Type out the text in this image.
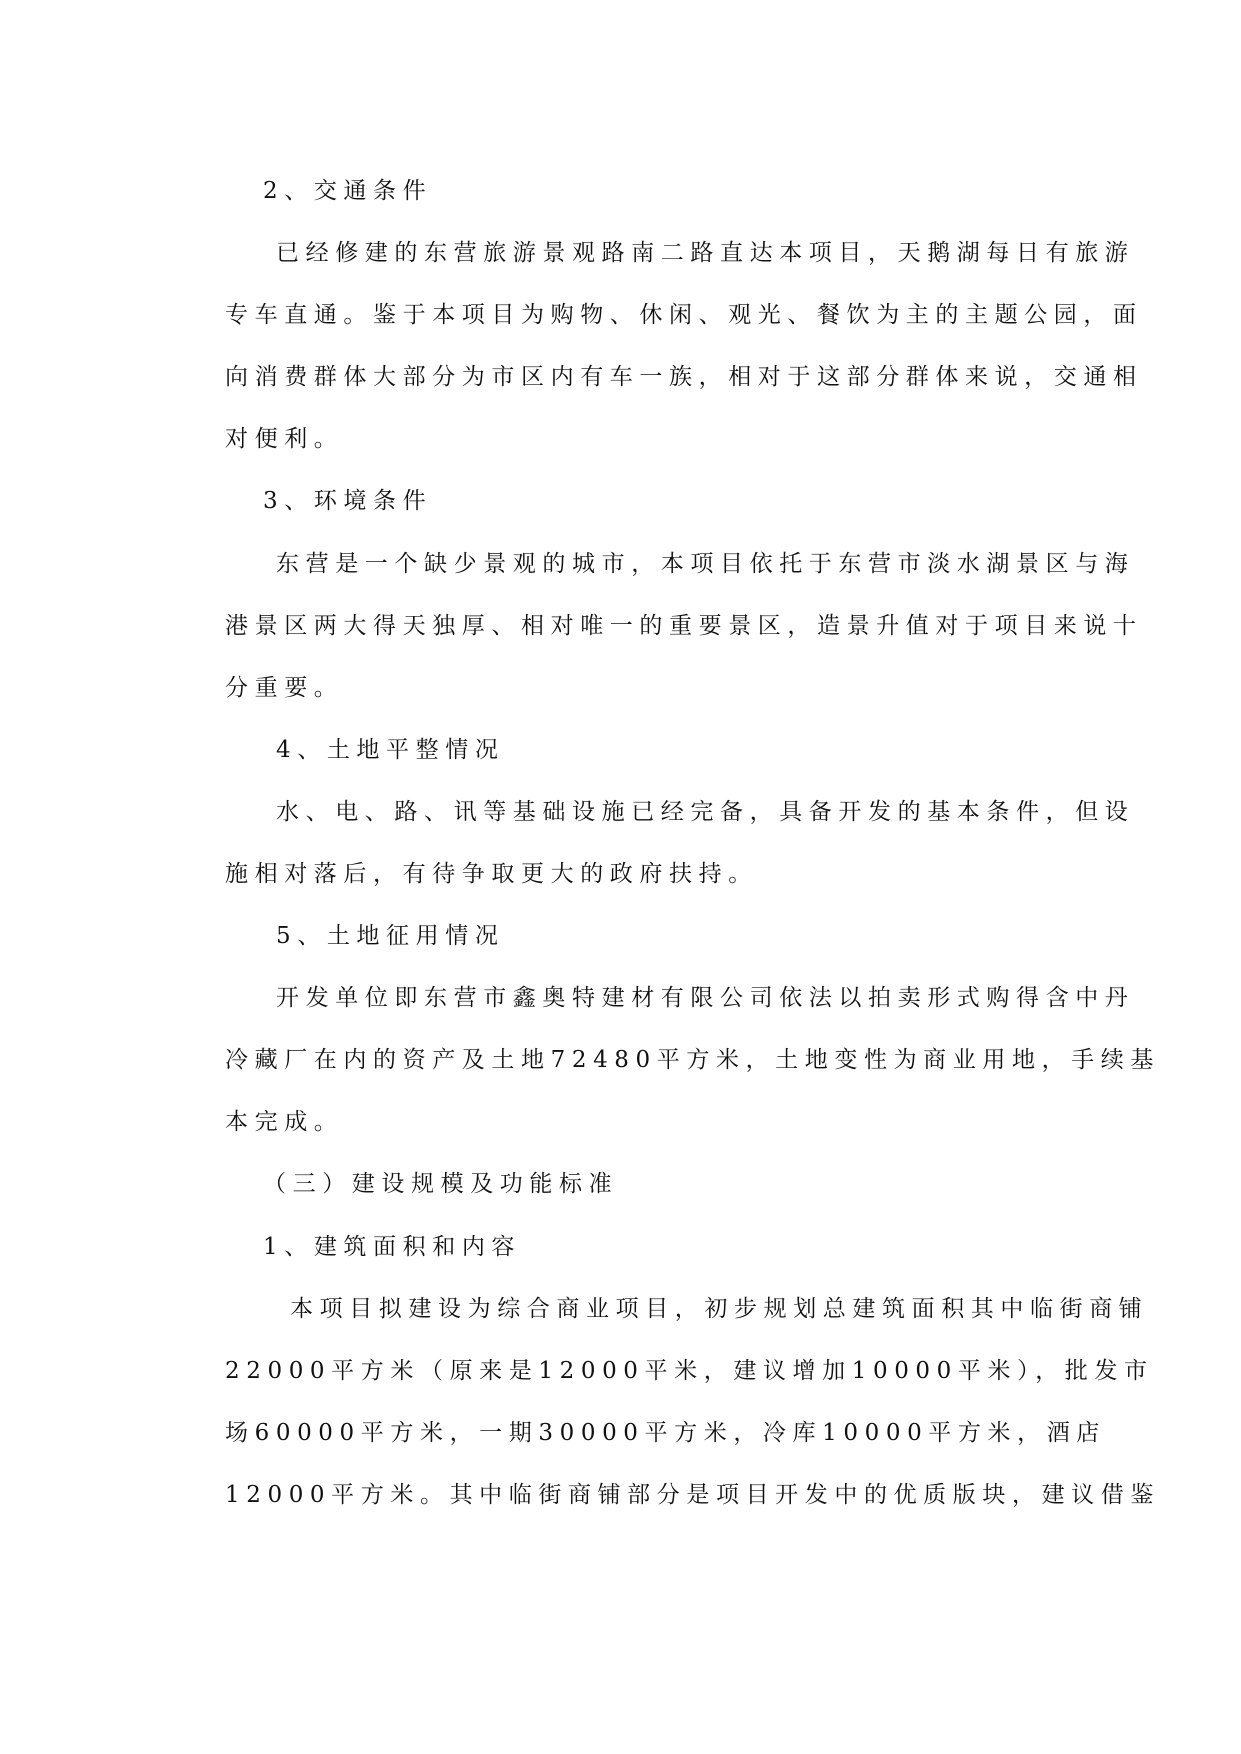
2、交通条件

已经修建的东营旅游景观路南二路直达本项目，天鹅湖每日有旅游

专车直通。鉴于本项目为购物、休闲、观光、餐饮为主的主题公园，面

向消费群体大部分为市区内有车一族，相对于这部分群体来说，交通相

对便利。

3、环境条件

东营是一个缺少景观的城市，本项目依托于东营市淡水湖景区与海

港景区两大得天独厚、相对唯一的重要景区，造景升值对于项目来说十

分重要。

4、土地平整情况

水、电、路、讯等基础设施已经完备，具备开发的基本条件，但设

施相对落后，有待争取更大的政府扶持。

5、土地征用情况

开发单位即东营市鑫奥特建材有限公司依法以拍卖形式购得含中丹

冷藏厂在内的资产及土地72480平方米，土地变性为商业用地，手续基

本完成。

（三）建设规模及功能标准

1、建筑面积和内容

本项目拟建设为综合商业项目，初步规划总建筑面积其中临街商铺

22000平方米（原来是12000平米，建议增加10000平米），批发市

场60000平方米，一期30000平方米，冷库10000平方米，酒店

12000平方米。其中临街商铺部分是项目开发中的优质版块，建议借鉴
